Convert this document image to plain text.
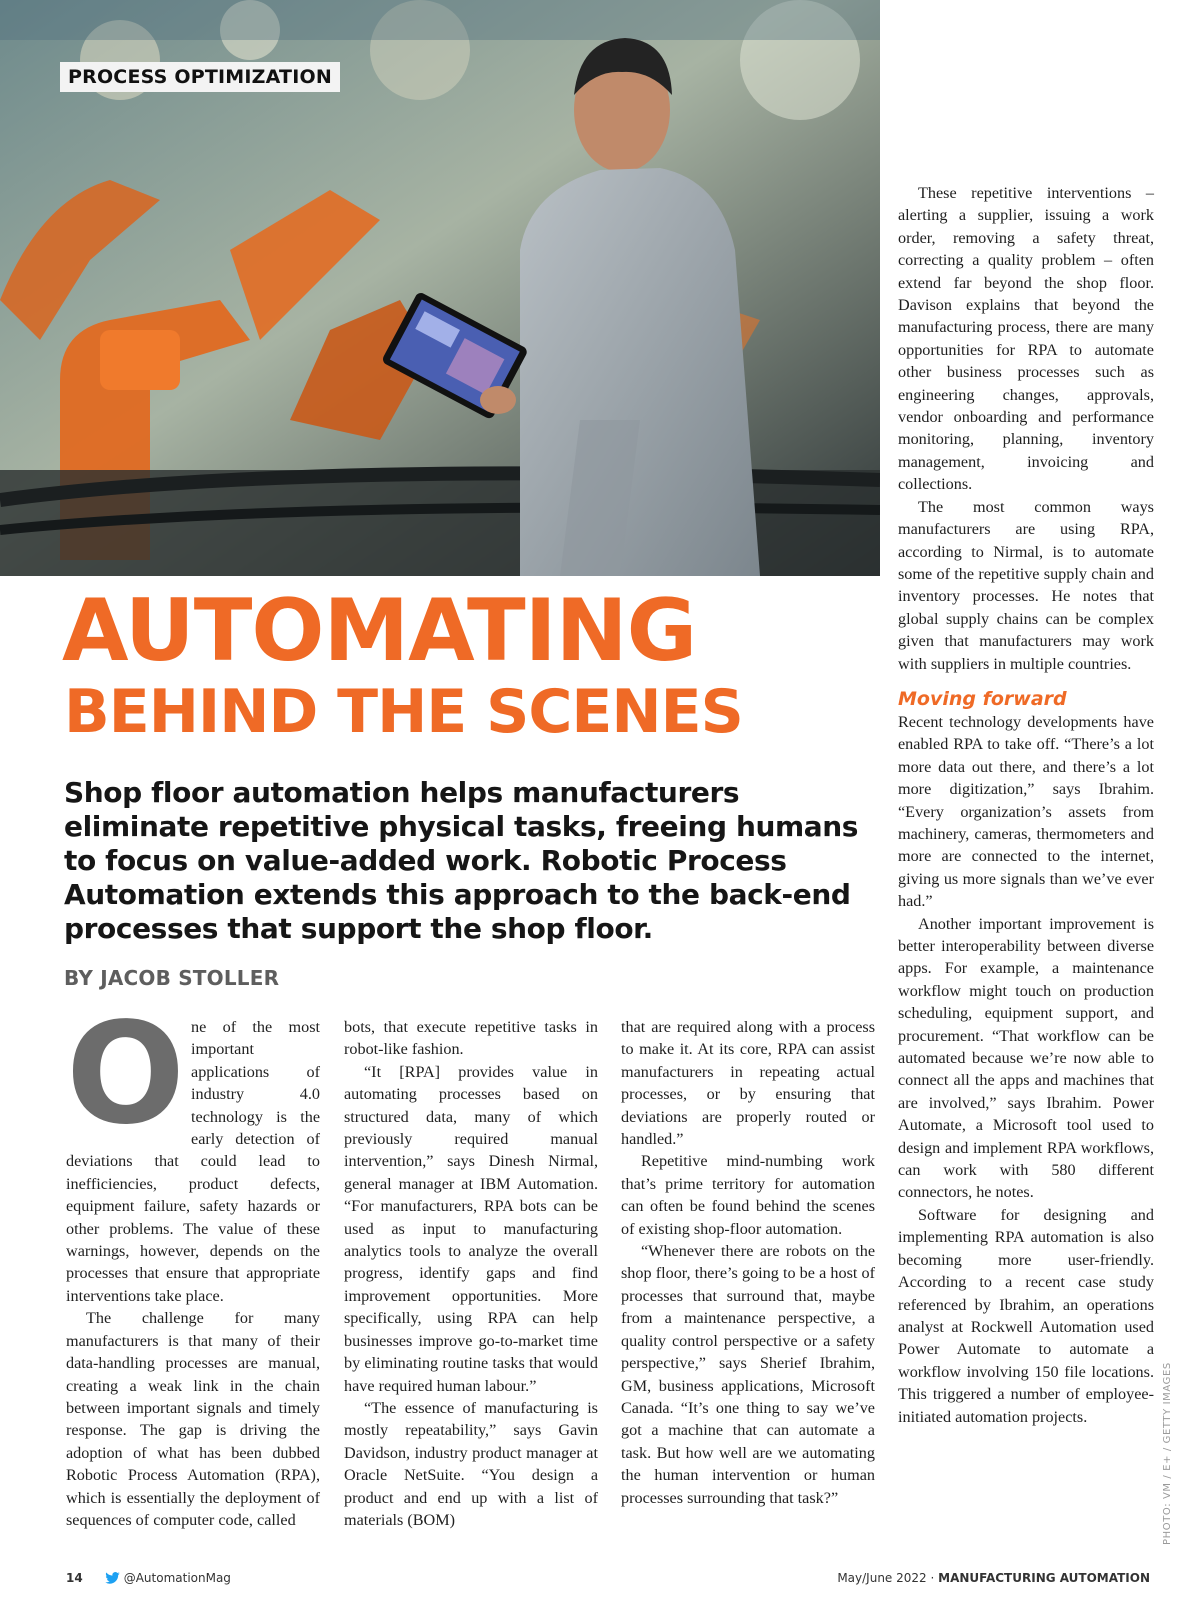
PROCESS OPTIMIZATION
AUTOMATING
BEHIND THE SCENES

Shop floor automation helps manufacturers eliminate repetitive physical tasks, freeing humans to focus on value-added work. Robotic Process Automation extends this approach to the back-end processes that support the shop floor.

BY JACOB STOLLER

O ne of the most important applications of industry 4.0 technology is the early detection of deviations that could lead to inefficiencies, product defects, equipment failure, safety hazards or other problems. The value of these warnings, however, depends on the processes that ensure that appropriate interventions take place.

The challenge for many manufacturers is that many of their data-handling processes are manual, creating a weak link in the chain between important signals and timely response. The gap is driving the adoption of what has been dubbed Robotic Process Automation (RPA), which is essentially the deployment of sequences of computer code, called

bots, that execute repetitive tasks in robot-like fashion.

“It [RPA] provides value in automating processes based on structured data, many of which previously required manual intervention,” says Dinesh Nirmal, general manager at IBM Automation. “For manufacturers, RPA bots can be used as input to manufacturing analytics tools to analyze the overall progress, identify gaps and find improvement opportunities. More specifically, using RPA can help businesses improve go-to-market time by eliminating routine tasks that would have required human labour.”

“The essence of manufacturing is mostly repeatability,” says Gavin Davidson, industry product manager at Oracle NetSuite. “You design a product and end up with a list of materials (BOM)

that are required along with a process to make it. At its core, RPA can assist manufacturers in repeating actual processes, or by ensuring that deviations are properly routed or handled.”

Repetitive mind-numbing work that’s prime territory for automation can often be found behind the scenes of existing shop-floor automation.

“Whenever there are robots on the shop floor, there’s going to be a host of processes that surround that, maybe from a maintenance perspective, a quality control perspective or a safety perspective,” says Sherief Ibrahim, GM, business applications, Microsoft Canada. “It’s one thing to say we’ve got a machine that can automate a task. But how well are we automating the human intervention or human processes surrounding that task?”

These repetitive interventions – alerting a supplier, issuing a work order, removing a safety threat, correcting a quality problem – often extend far beyond the shop floor. Davison explains that beyond the manufacturing process, there are many opportunities for RPA to automate other business processes such as engineering changes, approvals, vendor onboarding and performance monitoring, planning, inventory management, invoicing and collections.

The most common ways manufacturers are using RPA, according to Nirmal, is to automate some of the repetitive supply chain and inventory processes. He notes that global supply chains can be complex given that manufacturers may work with suppliers in multiple countries.

Moving forward

Recent technology developments have enabled RPA to take off. “There’s a lot more data out there, and there’s a lot more digitization,” says Ibrahim. “Every organization’s assets from machinery, cameras, thermometers and more are connected to the internet, giving us more signals than we’ve ever had.”

Another important improvement is better interoperability between diverse apps. For example, a maintenance workflow might touch on production scheduling, equipment support, and procurement. “That workflow can be automated because we’re now able to connect all the apps and machines that are involved,” says Ibrahim. Power Automate, a Microsoft tool used to design and implement RPA workflows, can work with 580 different connectors, he notes.

Software for designing and implementing RPA automation is also becoming more user-friendly. According to a recent case study referenced by Ibrahim, an operations analyst at Rockwell Automation used Power Automate to automate a workflow involving 150 file locations. This triggered a number of employee-initiated automation projects.	PHOTO: VM / E+ / GETTY IMAGES
14	@AutomationMag	May/June 2022 · MANUFACTURING AUTOMATION
